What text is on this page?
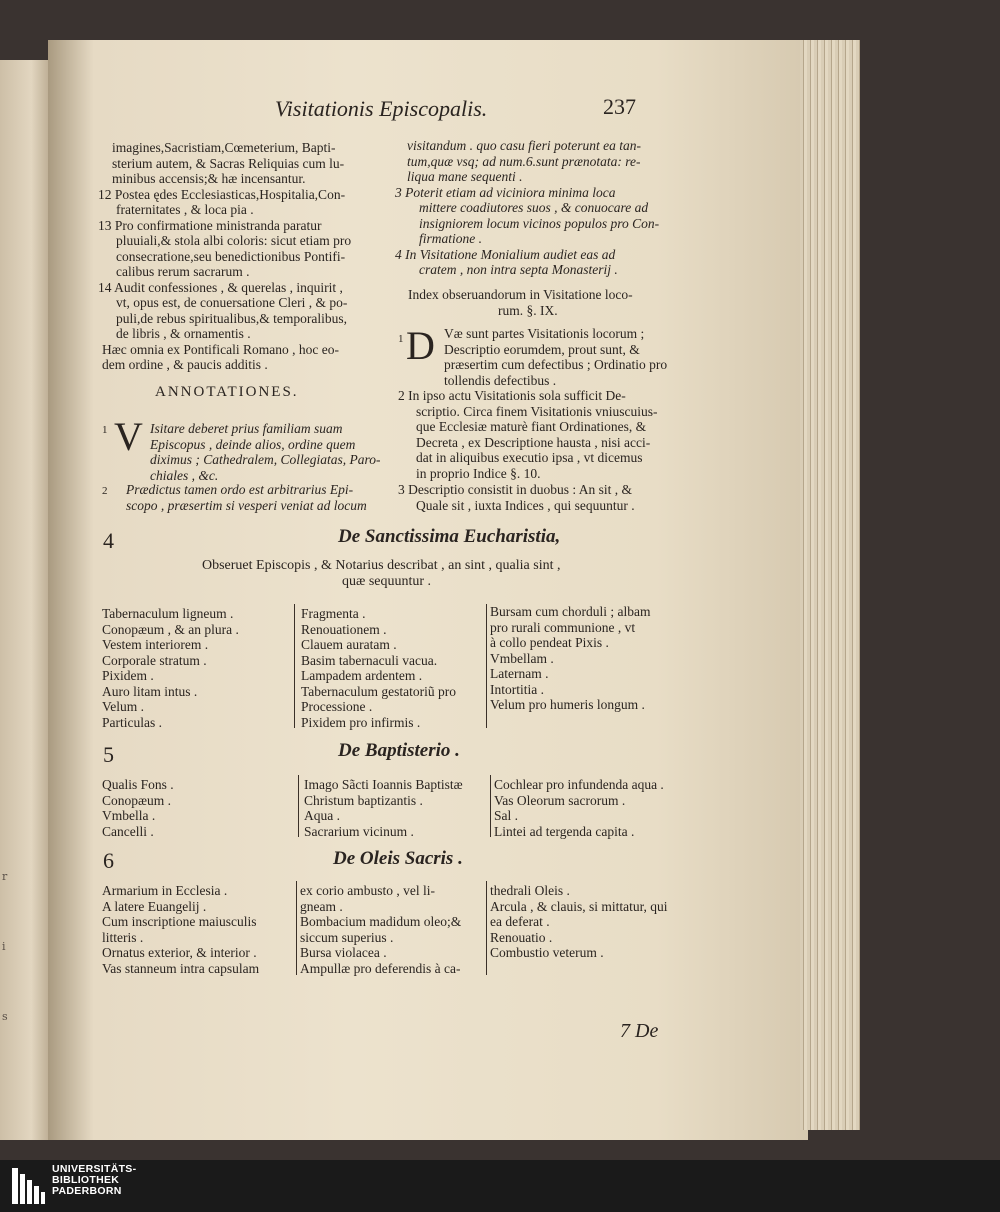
r
i
s
Visitationis Episcopalis.	237
imagines,Sacristiam,Cœmeterium, Bapti-
sterium autem, & Sacras Reliquias cum lu-
minibus accensis;& hæ incensantur.
12 Postea ędes Ecclesiasticas,Hospitalia,Con-
fraternitates , & loca pia .
13 Pro confirmatione ministranda paratur
pluuiali,& stola albi coloris: sicut etiam pro
consecratione,seu benedictionibus Pontifi-
calibus rerum sacrarum .
14 Audit confessiones , & querelas , inquirit ,
vt, opus est, de conuersatione Cleri , & po-
puli,de rebus spiritualibus,& temporalibus,
de libris , & ornamentis .
Hæc omnia ex Pontificali Romano , hoc eo-
dem ordine , & paucis additis .
ANNOTATIONES.
1 V Isitare deberet prius familiam suam
Episcopus , deinde alios, ordine quem
diximus ; Cathedralem, Collegiatas, Paro-
chiales , &c.
2 Prædictus tamen ordo est arbitrarius Epi-
scopo , præsertim si vesperi veniat ad locum
visitandum . quo casu fieri poterunt ea tan-
tum,quæ vsq; ad num.6.sunt prænotata: re-
liqua mane sequenti .
3 Poterit etiam ad viciniora minima loca
mittere coadiutores suos , & conuocare ad
insigniorem locum vicinos populos pro Con-
firmatione .
4 In Visitatione Monialium audiet eas ad
cratem , non intra septa Monasterij .
Index obseruandorum in Visitatione loco-
rum. §. IX.
1 D Væ sunt partes Visitationis locorum ;
Descriptio eorumdem, prout sunt, &
præsertim cum defectibus ; Ordinatio pro
tollendis defectibus .
2 In ipso actu Visitationis sola sufficit De-
scriptio. Circa finem Visitationis vniuscuius-
que Ecclesiæ maturè fiant Ordinationes, &
Decreta , ex Descriptione hausta , nisi acci-
dat in aliquibus executio ipsa , vt dicemus
in proprio Indice §. 10.
3 Descriptio consistit in duobus : An sit , &
Quale sit , iuxta Indices , qui sequuntur .
4	De Sanctissima Eucharistia,
Obseruet Episcopis , & Notarius describat , an sint , qualia sint ,
quæ sequuntur .
Tabernaculum ligneum .
Conopæum , & an plura .
Vestem interiorem .
Corporale stratum .
Pixidem .
Auro litam intus .
Velum .
Particulas .
Fragmenta .
Renouationem .
Clauem auratam .
Basim tabernaculi vacua.
Lampadem ardentem .
Tabernaculum gestatoriũ pro
Processione .
Pixidem pro infirmis .
Bursam cum chorduli ; albam
pro rurali communione , vt
à collo pendeat Pixis .
Vmbellam .
Laternam .
Intortitia .
Velum pro humeris longum .
5	De Baptisterio .
Qualis Fons .
Conopæum .
Vmbella .
Cancelli .
Imago Sãcti Ioannis Baptistæ
Christum baptizantis .
Aqua .
Sacrarium vicinum .
Cochlear pro infundenda aqua .
Vas Oleorum sacrorum .
Sal .
Lintei ad tergenda capita .
6	De Oleis Sacris .
Armarium in Ecclesia .
A latere Euangelij .
Cum inscriptione maiusculis
litteris .
Ornatus exterior, & interior .
Vas stanneum intra capsulam
ex corio ambusto , vel li-
gneam .
Bombacium madidum oleo;&
siccum superius .
Bursa violacea .
Ampullæ pro deferendis à ca-
thedrali Oleis .
Arcula , & clauis, si mittatur, qui
ea deferat .
Renouatio .
Combustio veterum .
7 De
UNIVERSITÄTS-
BIBLIOTHEK
PADERBORN
